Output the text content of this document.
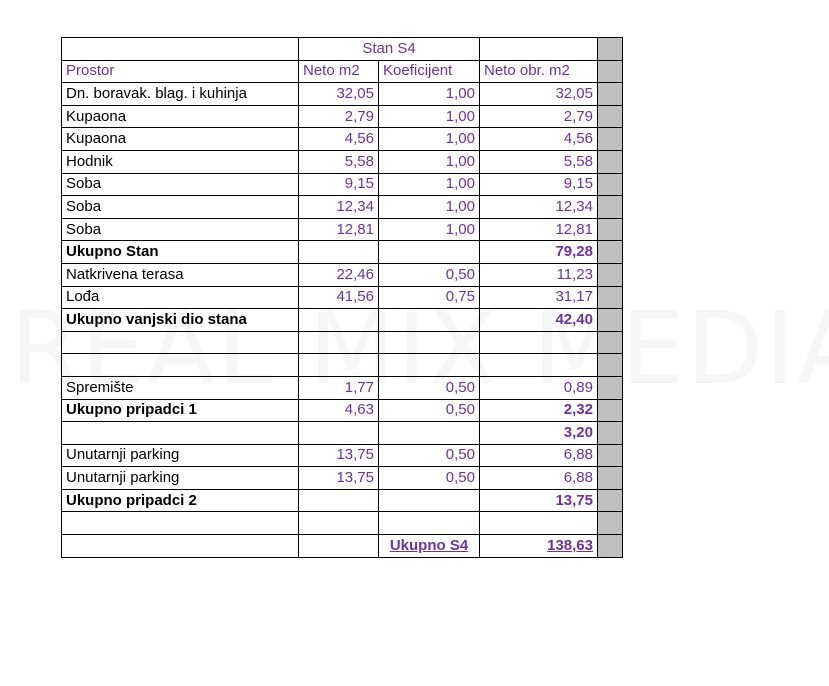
	Stan S4			
Prostor	Neto m2	Koeficijent	Neto obr. m2	
Dn. boravak. blag. i kuhinja	32,05	1,00	32,05	
Kupaona	2,79	1,00	2,79	
Kupaona	4,56	1,00	4,56	
Hodnik	5,58	1,00	5,58	
Soba	9,15	1,00	9,15	
Soba	12,34	1,00	12,34	
Soba	12,81	1,00	12,81	
Ukupno Stan			79,28	
Natkrivena terasa	22,46	0,50	11,23	
Lođa	41,56	0,75	31,17	
Ukupno vanjski dio stana			42,40	

Spremište	1,77	0,50	0,89	
Ukupno pripadci 1	4,63	0,50	2,32	
			3,20	
Unutarnji parking	13,75	0,50	6,88	
Unutarnji parking	13,75	0,50	6,88	
Ukupno pripadci 2			13,75	

		Ukupno S4	138,63	
